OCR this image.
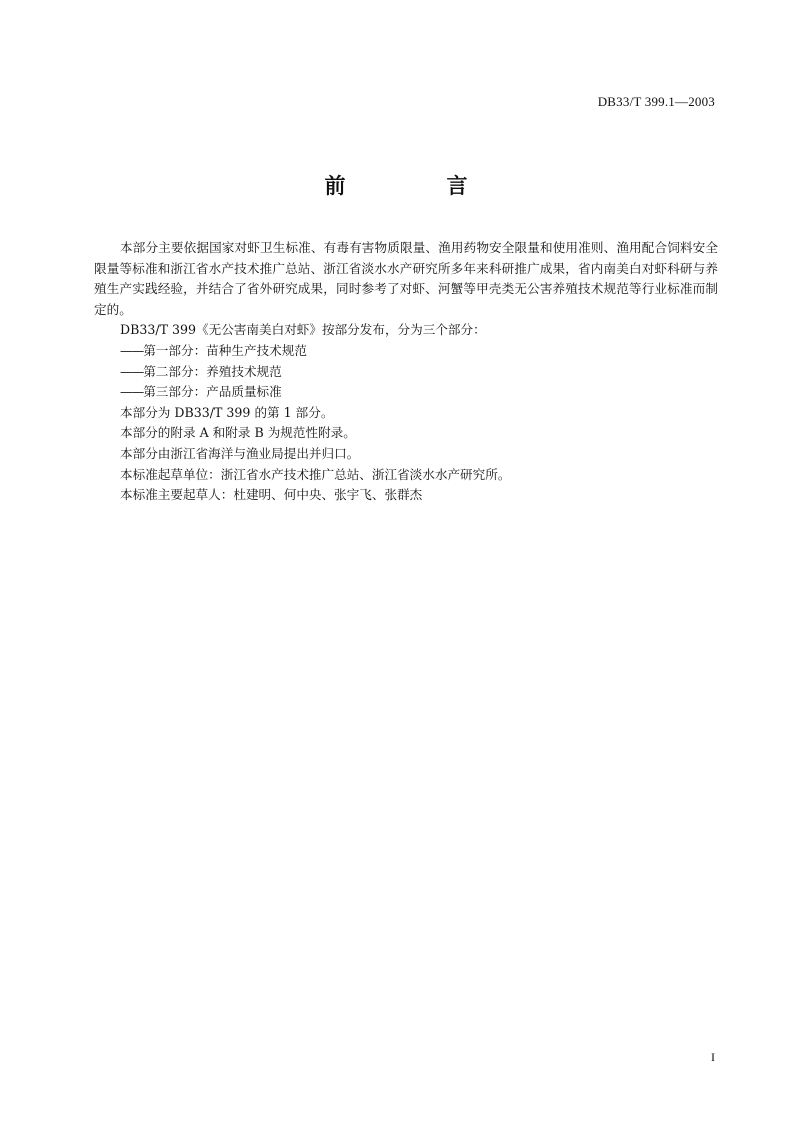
DB33/T 399.1—2003
前　言

本部分主要依据国家对虾卫生标准、有毒有害物质限量、渔用药物安全限量和使用准则、渔用配合饲料安全限量等标准和浙江省水产技术推广总站、浙江省淡水水产研究所多年来科研推广成果，省内南美白对虾科研与养殖生产实践经验，并结合了省外研究成果，同时参考了对虾、河蟹等甲壳类无公害养殖技术规范等行业标准而制定的。

DB33/T 399《无公害南美白对虾》按部分发布，分为三个部分：

——第一部分：苗种生产技术规范

——第二部分：养殖技术规范

——第三部分：产品质量标准

本部分为 DB33/T 399 的第 1 部分。

本部分的附录 A 和附录 B 为规范性附录。

本部分由浙江省海洋与渔业局提出并归口。

本标准起草单位：浙江省水产技术推广总站、浙江省淡水水产研究所。

本标准主要起草人：杜建明、何中央、张宇飞、张群杰

I
